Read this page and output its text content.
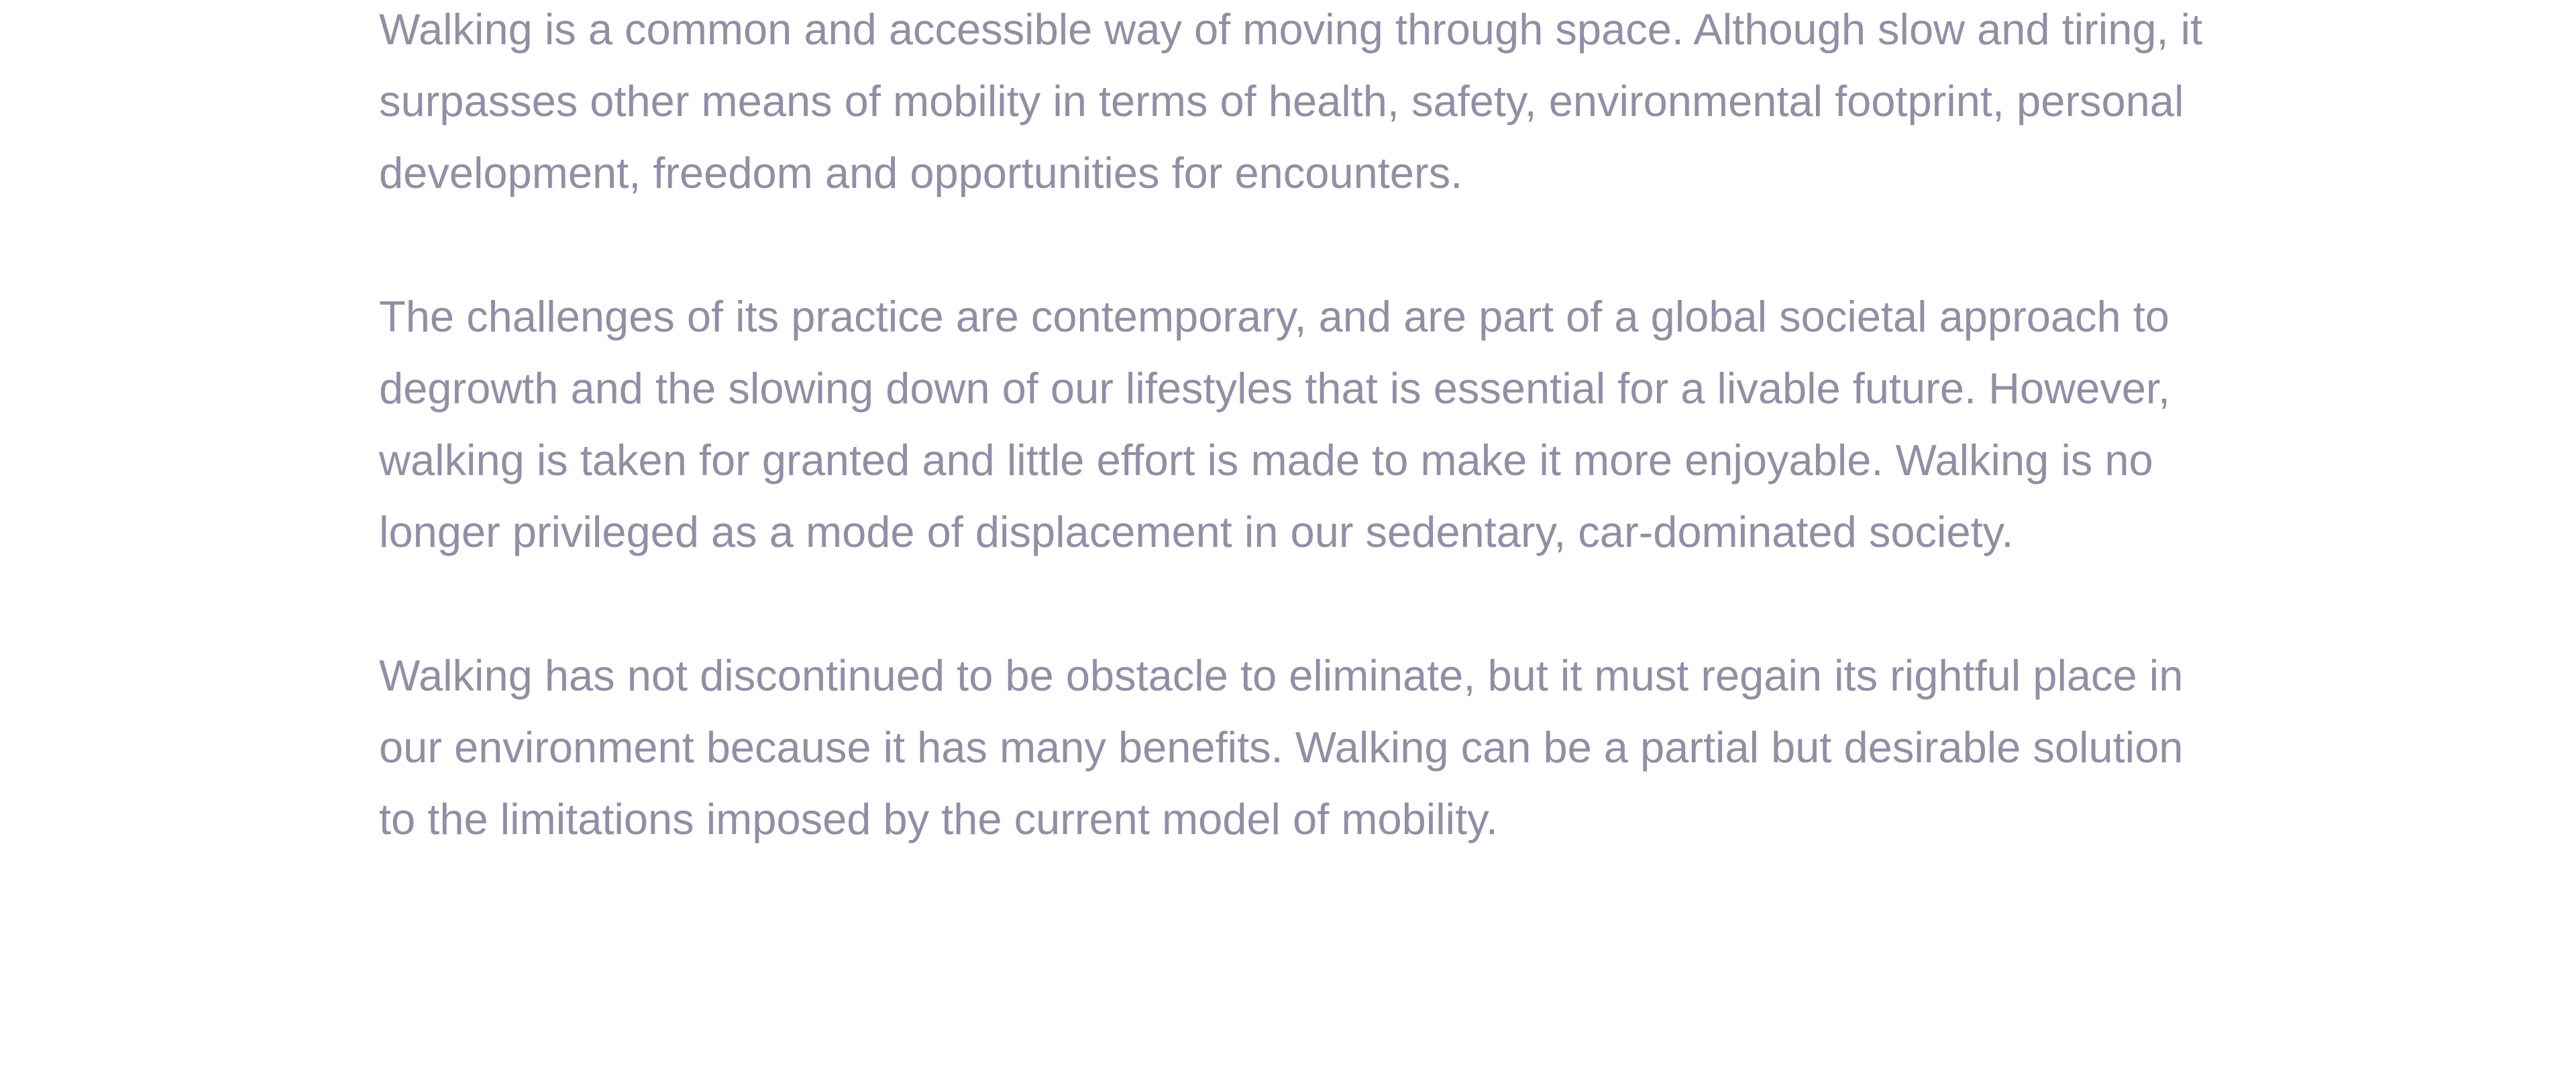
Walking is a common and accessible way of moving through space. Although slow and tiring, it surpasses other means of mobility in terms of health, safety, environmental footprint, personal development, freedom and opportunities for encounters.

The challenges of its practice are contemporary, and are part of a global societal approach to degrowth and the slowing down of our lifestyles that is essential for a livable future. However, walking is taken for granted and little effort is made to make it more enjoyable. Walking is no longer privileged as a mode of displacement in our sedentary, car-dominated society.

Walking has not discontinued to be obstacle to eliminate, but it must regain its rightful place in our environment because it has many benefits. Walking can be a partial but desirable solution to the limitations imposed by the current model of mobility.
